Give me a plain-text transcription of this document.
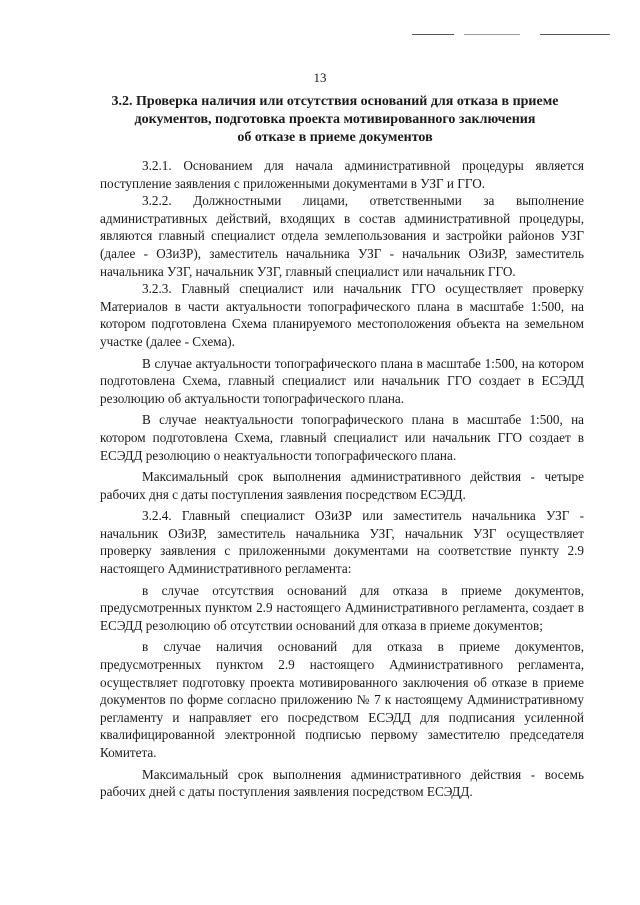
13
3.2. Проверка наличия или отсутствия оснований для отказа в приеме
документов, подготовка проекта мотивированного заключения
об отказе в приеме документов

3.2.1. Основанием для начала административной процедуры является поступление заявления с приложенными документами в УЗГ и ГГО.

3.2.2. Должностными лицами, ответственными за выполнение административных действий, входящих в состав административной процедуры, являются главный специалист отдела землепользования и застройки районов УЗГ (далее - ОЗиЗР), заместитель начальника УЗГ - начальник ОЗиЗР, заместитель начальника УЗГ, начальник УЗГ, главный специалист или начальник ГГО.

3.2.3. Главный специалист или начальник ГГО осуществляет проверку Материалов в части актуальности топографического плана в масштабе 1:500, на котором подготовлена Схема планируемого местоположения объекта на земельном участке (далее - Схема).

В случае актуальности топографического плана в масштабе 1:500, на котором подготовлена Схема, главный специалист или начальник ГГО создает в ЕСЭДД резолюцию об актуальности топографического плана.

В случае неактуальности топографического плана в масштабе 1:500, на котором подготовлена Схема, главный специалист или начальник ГГО создает в ЕСЭДД резолюцию о неактуальности топографического плана.

Максимальный срок выполнения административного действия - четыре рабочих дня с даты поступления заявления посредством ЕСЭДД.

3.2.4. Главный специалист ОЗиЗР или заместитель начальника УЗГ - начальник ОЗиЗР, заместитель начальника УЗГ, начальник УЗГ осуществляет проверку заявления с приложенными документами на соответствие пункту 2.9 настоящего Административного регламента:

в случае отсутствия оснований для отказа в приеме документов, предусмотренных пунктом 2.9 настоящего Административного регламента, создает в ЕСЭДД резолюцию об отсутствии оснований для отказа в приеме документов;

в случае наличия оснований для отказа в приеме документов, предусмотренных пунктом 2.9 настоящего Административного регламента, осуществляет подготовку проекта мотивированного заключения об отказе в приеме документов по форме согласно приложению № 7 к настоящему Административному регламенту и направляет его посредством ЕСЭДД для подписания усиленной квалифицированной электронной подписью первому заместителю председателя Комитета.

Максимальный срок выполнения административного действия - восемь рабочих дней с даты поступления заявления посредством ЕСЭДД.
